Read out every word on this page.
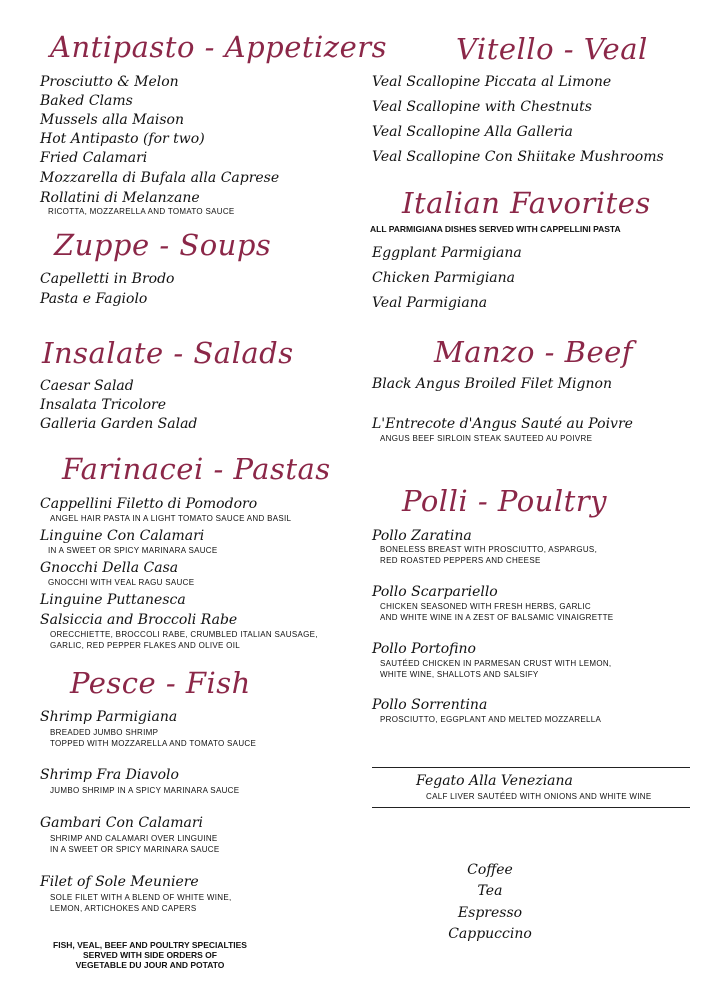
Antipasto - Appetizers
Prosciutto & Melon
Baked Clams
Mussels alla Maison
Hot Antipasto (for two)
Fried Calamari
Mozzarella di Bufala alla Caprese
Rollatini di Melanzane
RICOTTA, MOZZARELLA AND TOMATO SAUCE
Zuppe - Soups
Capelletti in Brodo
Pasta e Fagiolo
Insalate - Salads
Caesar Salad
Insalata Tricolore
Galleria Garden Salad
Farinacei - Pastas
Cappellini Filetto di Pomodoro
ANGEL HAIR PASTA IN A LIGHT TOMATO SAUCE AND BASIL
Linguine Con Calamari
IN A SWEET OR SPICY MARINARA SAUCE
Gnocchi Della Casa
GNOCCHI WITH VEAL RAGU SAUCE
Linguine Puttanesca
Salsiccia and Broccoli Rabe
ORECCHIETTE, BROCCOLI RABE, CRUMBLED ITALIAN SAUSAGE,
GARLIC, RED PEPPER FLAKES AND OLIVE OIL
Pesce - Fish
Shrimp Parmigiana
BREADED JUMBO SHRIMP
TOPPED WITH MOZZARELLA AND TOMATO SAUCE
Shrimp Fra Diavolo
JUMBO SHRIMP IN A SPICY MARINARA SAUCE
Gambari Con Calamari
SHRIMP AND CALAMARI OVER LINGUINE
IN A SWEET OR SPICY MARINARA SAUCE
Filet of Sole Meuniere
SOLE FILET WITH A BLEND OF WHITE WINE,
LEMON, ARTICHOKES AND CAPERS
FISH, VEAL, BEEF AND POULTRY SPECIALTIES
SERVED WITH SIDE ORDERS OF
VEGETABLE DU JOUR AND POTATO
Vitello - Veal
Veal Scallopine Piccata al Limone
Veal Scallopine with Chestnuts
Veal Scallopine Alla Galleria
Veal Scallopine Con Shiitake Mushrooms
Italian Favorites
ALL PARMIGIANA DISHES SERVED WITH CAPPELLINI PASTA
Eggplant Parmigiana
Chicken Parmigiana
Veal Parmigiana
Manzo - Beef
Black Angus Broiled Filet Mignon
L'Entrecote d'Angus Sauté au Poivre
ANGUS BEEF SIRLOIN STEAK SAUTEED AU POIVRE
Polli - Poultry
Pollo Zaratina
BONELESS BREAST WITH PROSCIUTTO, ASPARGUS,
RED ROASTED PEPPERS AND CHEESE
Pollo Scarpariello
CHICKEN SEASONED WITH FRESH HERBS, GARLIC
AND WHITE WINE IN A ZEST OF BALSAMIC VINAIGRETTE
Pollo Portofino
SAUTÉED CHICKEN IN PARMESAN CRUST WITH LEMON,
WHITE WINE, SHALLOTS AND SALSIFY
Pollo Sorrentina
PROSCIUTTO, EGGPLANT AND MELTED MOZZARELLA
Fegato Alla Veneziana
CALF LIVER SAUTÉED WITH ONIONS AND WHITE WINE
Coffee
Tea
Espresso
Cappuccino
